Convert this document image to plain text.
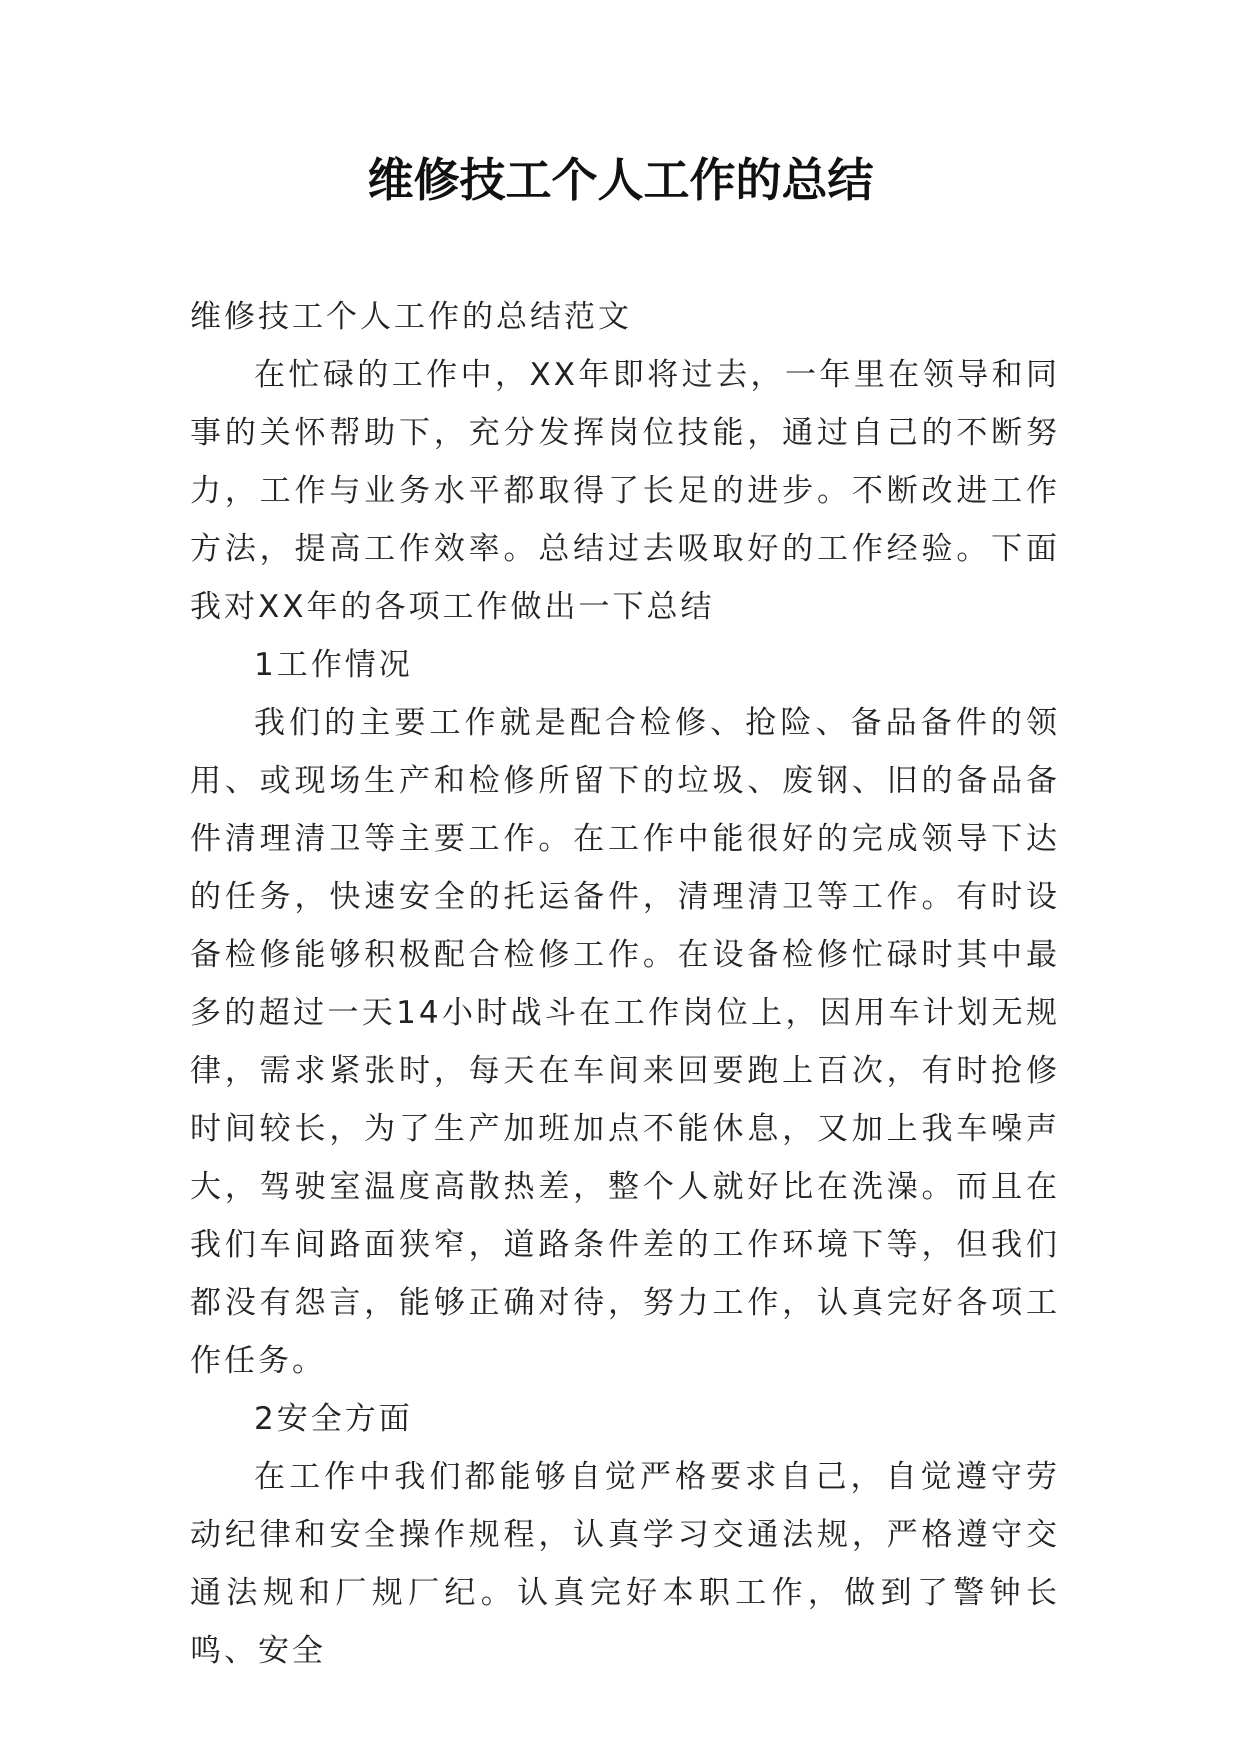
维修技工个人工作的总结

维修技工个人工作的总结范文

在忙碌的工作中，XX年即将过去，一年里在领导和同事的关怀帮助下，充分发挥岗位技能，通过自己的不断努力，工作与业务水平都取得了长足的进步。不断改进工作方法，提高工作效率。总结过去吸取好的工作经验。下面我对XX年的各项工作做出一下总结

1工作情况

我们的主要工作就是配合检修、抢险、备品备件的领用、或现场生产和检修所留下的垃圾、废钢、旧的备品备件清理清卫等主要工作。在工作中能很好的完成领导下达的任务，快速安全的托运备件，清理清卫等工作。有时设备检修能够积极配合检修工作。在设备检修忙碌时其中最多的超过一天14小时战斗在工作岗位上，因用车计划无规律，需求紧张时，每天在车间来回要跑上百次，有时抢修时间较长，为了生产加班加点不能休息，又加上我车噪声大，驾驶室温度高散热差，整个人就好比在洗澡。而且在我们车间路面狭窄，道路条件差的工作环境下等，但我们都没有怨言，能够正确对待，努力工作，认真完好各项工作任务。

2安全方面

在工作中我们都能够自觉严格要求自己，自觉遵守劳动纪律和安全操作规程，认真学习交通法规，严格遵守交通法规和厂规厂纪。认真完好本职工作，做到了警钟长鸣、安全
